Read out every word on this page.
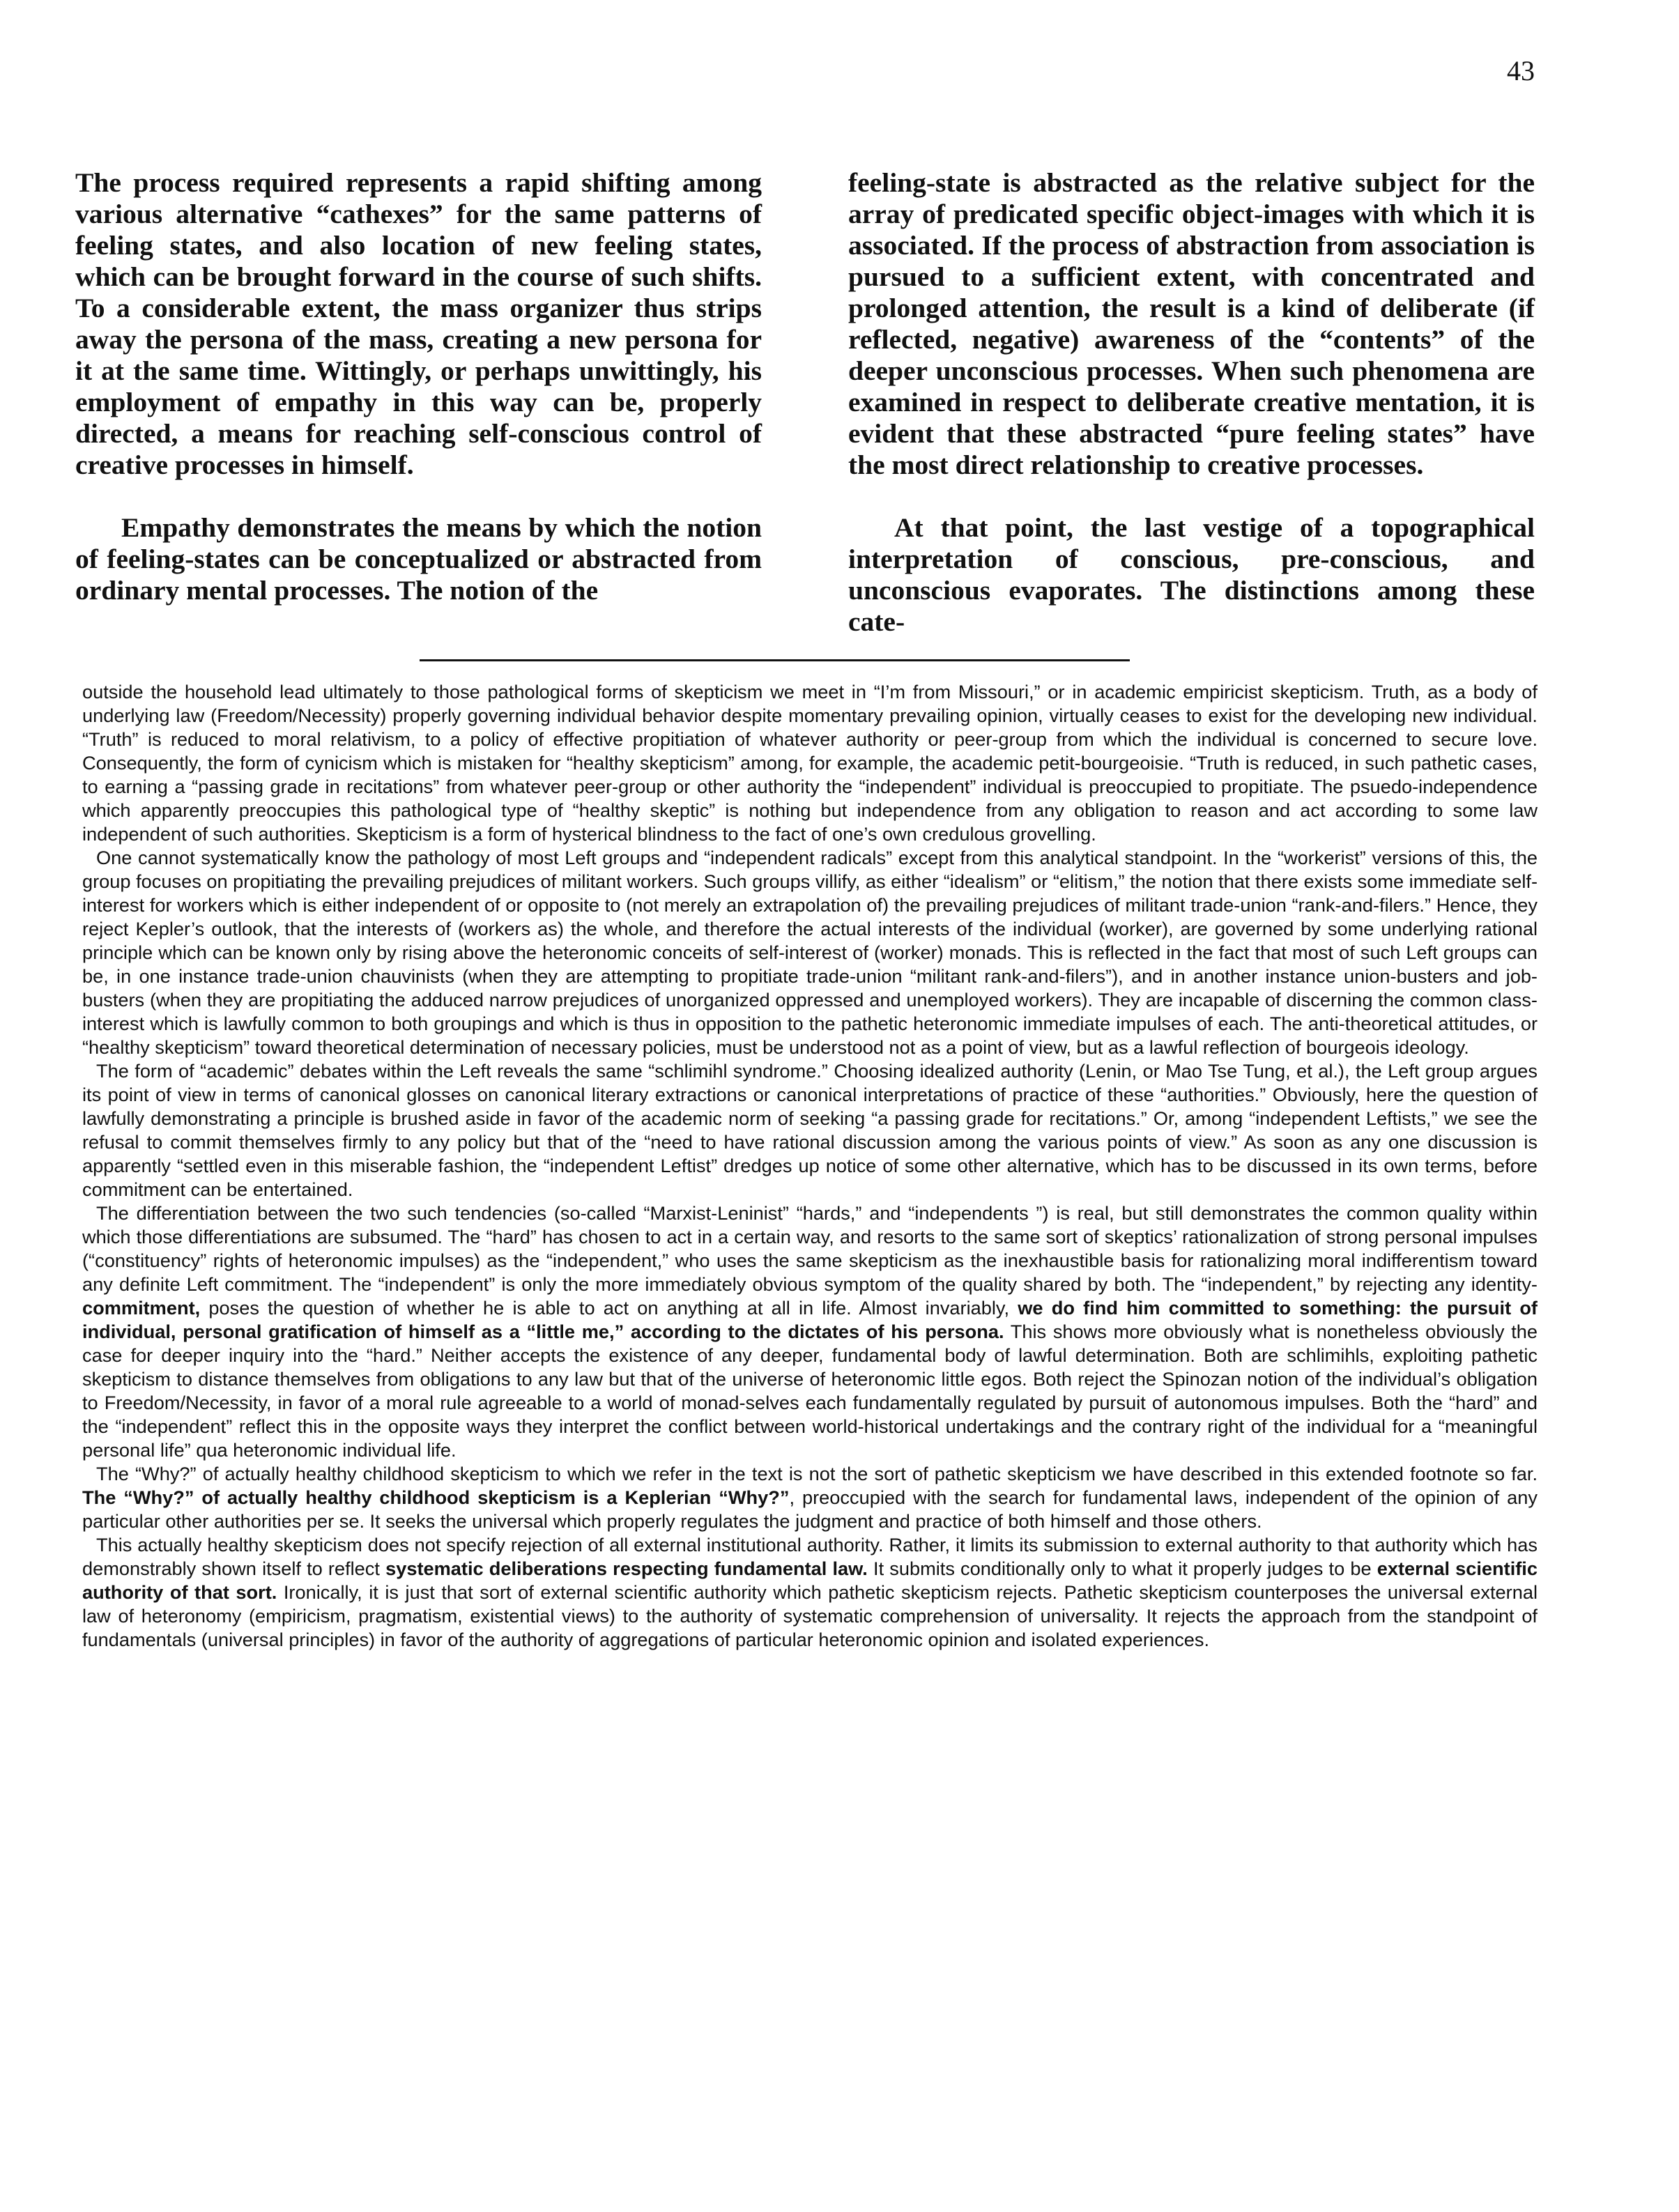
43

The process required represents a rapid shifting among various alternative “cathexes” for the same patterns of feeling states, and also location of new feeling states, which can be brought forward in the course of such shifts. To a considerable extent, the mass organizer thus strips away the persona of the mass, creating a new persona for it at the same time. Wittingly, or perhaps unwittingly, his employment of empathy in this way can be, properly directed, a means for reaching self-conscious control of creative processes in himself.

Empathy demonstrates the means by which the notion of feeling-states can be conceptualized or abstracted from ordinary mental processes. The notion of the

feeling-state is abstracted as the relative subject for the array of predicated specific object-images with which it is associated. If the process of abstraction from association is pursued to a sufficient extent, with concentrated and prolonged attention, the result is a kind of deliberate (if reflected, negative) awareness of the “contents” of the deeper unconscious processes. When such phenomena are examined in respect to deliberate creative mentation, it is evident that these abstracted “pure feeling states” have the most direct relationship to creative processes.

At that point, the last vestige of a topographical interpretation of conscious, pre-conscious, and unconscious evaporates. The distinctions among these cate-

outside the household lead ultimately to those pathological forms of skepticism we meet in “I’m from Missouri,” or in academic empiricist skepticism. Truth, as a body of underlying law (Freedom/Necessity) properly governing individual behavior despite momentary prevailing opinion, virtually ceases to exist for the developing new individual. “Truth” is reduced to moral relativism, to a policy of effective propitiation of whatever authority or peer-group from which the individual is concerned to secure love. Consequently, the form of cynicism which is mistaken for “healthy skepticism” among, for example, the academic petit-bourgeoisie. “Truth is reduced, in such pathetic cases, to earning a “passing grade in recitations” from whatever peer-group or other authority the “independent” individual is preoccupied to propitiate. The psuedo-independence which apparently preoccupies this pathological type of “healthy skeptic” is nothing but independence from any obligation to reason and act according to some law independent of such authorities. Skepticism is a form of hysterical blindness to the fact of one’s own credulous grovelling.

One cannot systematically know the pathology of most Left groups and “independent radicals” except from this analytical standpoint. In the “workerist” versions of this, the group focuses on propitiating the prevailing prejudices of militant workers. Such groups villify, as either “idealism” or “elitism,” the notion that there exists some immediate self-interest for workers which is either independent of or opposite to (not merely an extrapolation of) the prevailing prejudices of militant trade-union “rank-and-filers.” Hence, they reject Kepler’s outlook, that the interests of (workers as) the whole, and therefore the actual interests of the individual (worker), are governed by some underlying rational principle which can be known only by rising above the heteronomic conceits of self-interest of (worker) monads. This is reflected in the fact that most of such Left groups can be, in one instance trade-union chauvinists (when they are attempting to propitiate trade-union “militant rank-and-filers”), and in another instance union-busters and job-busters (when they are propitiating the adduced narrow prejudices of unorganized oppressed and unemployed workers). They are incapable of discerning the common class-interest which is lawfully common to both groupings and which is thus in opposition to the pathetic heteronomic immediate impulses of each. The anti-theoretical attitudes, or “healthy skepticism” toward theoretical determination of necessary policies, must be understood not as a point of view, but as a lawful reflection of bourgeois ideology.

The form of “academic” debates within the Left reveals the same “schlimihl syndrome.” Choosing idealized authority (Lenin, or Mao Tse Tung, et al.), the Left group argues its point of view in terms of canonical glosses on canonical literary extractions or canonical interpretations of practice of these “authorities.” Obviously, here the question of lawfully demonstrating a principle is brushed aside in favor of the academic norm of seeking “a passing grade for recitations.” Or, among “independent Leftists,” we see the refusal to commit themselves firmly to any policy but that of the “need to have rational discussion among the various points of view.” As soon as any one discussion is apparently “settled even in this miserable fashion, the “independent Leftist” dredges up notice of some other alternative, which has to be discussed in its own terms, before commitment can be entertained.

The differentiation between the two such tendencies (so-called “Marxist-Leninist” “hards,” and “independents ”) is real, but still demonstrates the common quality within which those differentiations are subsumed. The “hard” has chosen to act in a certain way, and resorts to the same sort of skeptics’ rationalization of strong personal impulses (“constituency” rights of heteronomic impulses) as the “independent,” who uses the same skepticism as the inexhaustible basis for rationalizing moral indifferentism toward any definite Left commitment. The “independent” is only the more immediately obvious symptom of the quality shared by both. The “independent,” by rejecting any identity-commitment, poses the question of whether he is able to act on anything at all in life. Almost invariably, we do find him committed to something: the pursuit of individual, personal gratification of himself as a “little me,” according to the dictates of his persona. This shows more obviously what is nonetheless obviously the case for deeper inquiry into the “hard.” Neither accepts the existence of any deeper, fundamental body of lawful determination. Both are schlimihls, exploiting pathetic skepticism to distance themselves from obligations to any law but that of the universe of heteronomic little egos. Both reject the Spinozan notion of the individual’s obligation to Freedom/Necessity, in favor of a moral rule agreeable to a world of monad-selves each fundamentally regulated by pursuit of autonomous impulses. Both the “hard” and the “independent” reflect this in the opposite ways they interpret the conflict between world-historical undertakings and the contrary right of the individual for a “meaningful personal life” qua heteronomic individual life.

The “Why?” of actually healthy childhood skepticism to which we refer in the text is not the sort of pathetic skepticism we have described in this extended footnote so far. The “Why?” of actually healthy childhood skepticism is a Keplerian “Why?”, preoccupied with the search for fundamental laws, independent of the opinion of any particular other authorities per se. It seeks the universal which properly regulates the judgment and practice of both himself and those others.

This actually healthy skepticism does not specify rejection of all external institutional authority. Rather, it limits its submission to external authority to that authority which has demonstrably shown itself to reflect systematic deliberations respecting fundamental law. It submits conditionally only to what it properly judges to be external scientific authority of that sort. Ironically, it is just that sort of external scientific authority which pathetic skepticism rejects. Pathetic skepticism counterposes the universal external law of heteronomy (empiricism, pragmatism, existential views) to the authority of systematic comprehension of universality. It rejects the approach from the standpoint of fundamentals (universal principles) in favor of the authority of aggregations of particular heteronomic opinion and isolated experiences.
